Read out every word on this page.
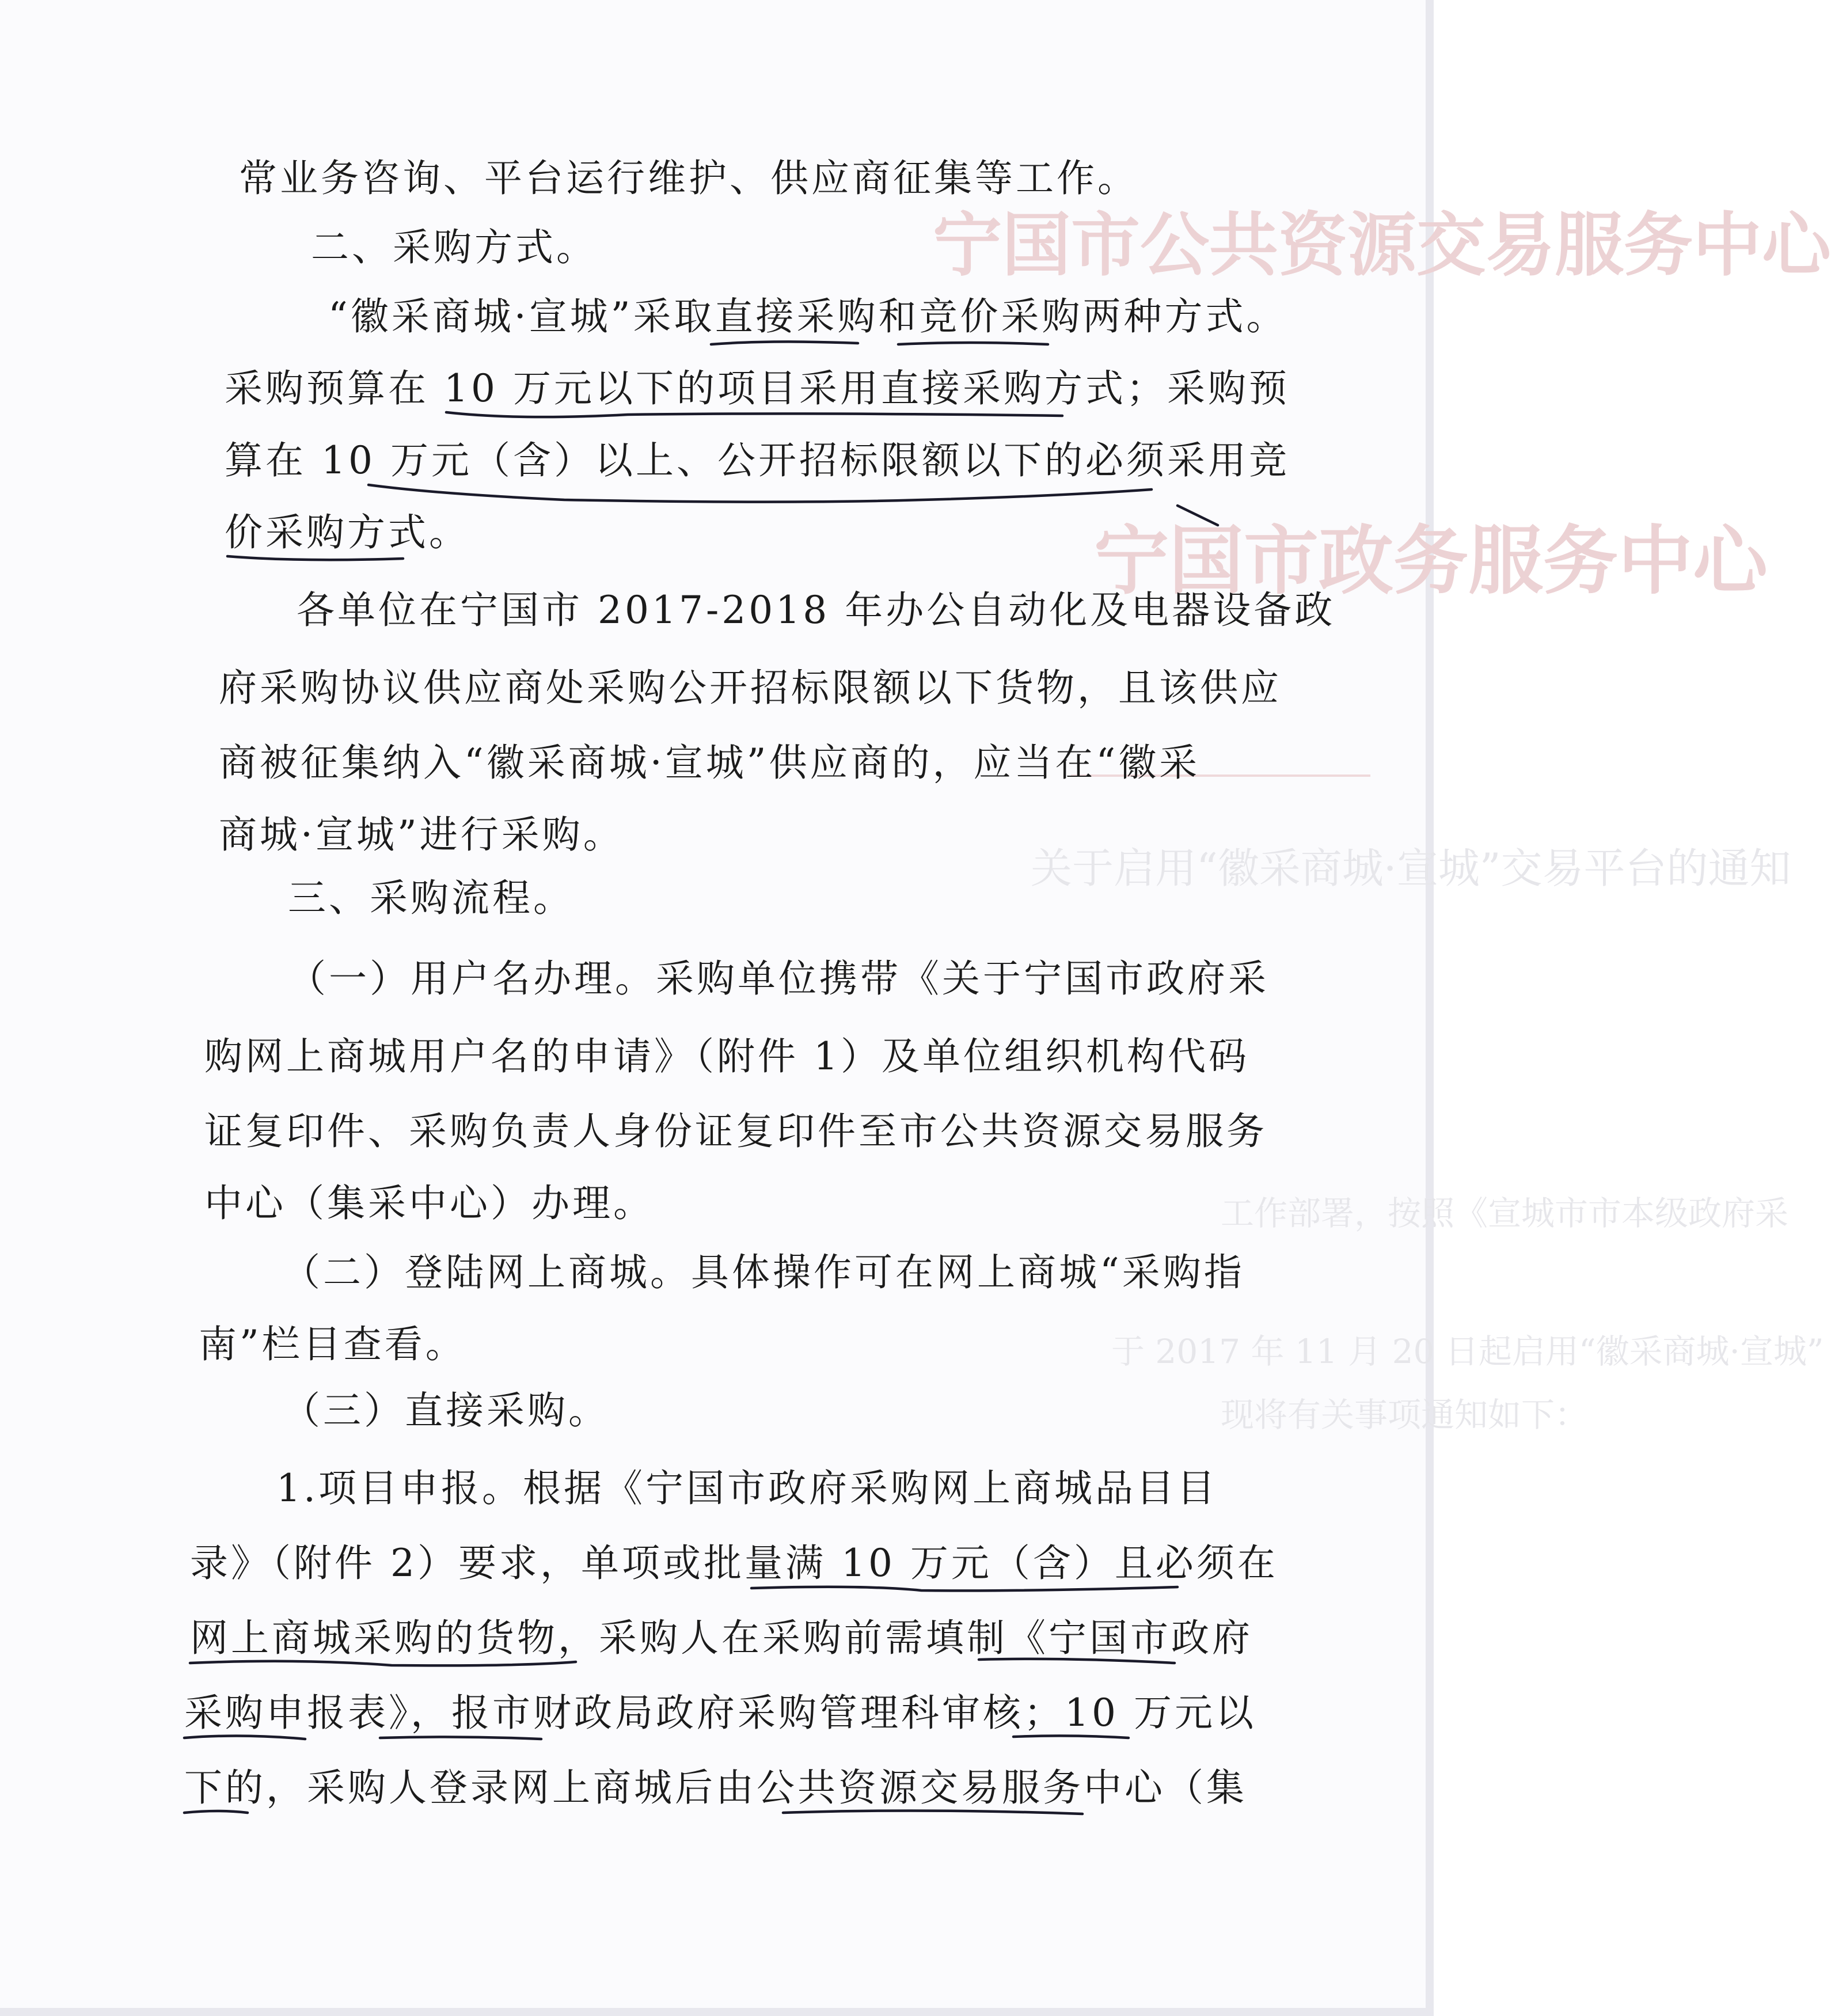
宁国市公共资源交易服务中心
宁国市政务服务中心
关于启用“徽采商城·宣城”交易平台的通知
工作部署，按照《宣城市市本级政府采
于 2017 年 11 月 20 日起启用“徽采商城·宣城”
现将有关事项通知如下：
常业务咨询、平台运行维护、供应商征集等工作。
二、采购方式。
“徽采商城·宣城”采取直接采购和竞价采购两种方式。
采购预算在 10 万元以下的项目采用直接采购方式；采购预
算在 10 万元（含）以上、公开招标限额以下的必须采用竞
价采购方式。
各单位在宁国市 2017-2018 年办公自动化及电器设备政
府采购协议供应商处采购公开招标限额以下货物，且该供应
商被征集纳入“徽采商城·宣城”供应商的，应当在“徽采
商城·宣城”进行采购。
三、采购流程。
（一）用户名办理。采购单位携带《关于宁国市政府采
购网上商城用户名的申请》（附件 1）及单位组织机构代码
证复印件、采购负责人身份证复印件至市公共资源交易服务
中心（集采中心）办理。
（二）登陆网上商城。具体操作可在网上商城“采购指
南”栏目查看。
（三）直接采购。
1.项目申报。根据《宁国市政府采购网上商城品目目
录》（附件 2）要求，单项或批量满 10 万元（含）且必须在
网上商城采购的货物，采购人在采购前需填制《宁国市政府
采购申报表》，报市财政局政府采购管理科审核；10 万元以
下的，采购人登录网上商城后由公共资源交易服务中心（集
